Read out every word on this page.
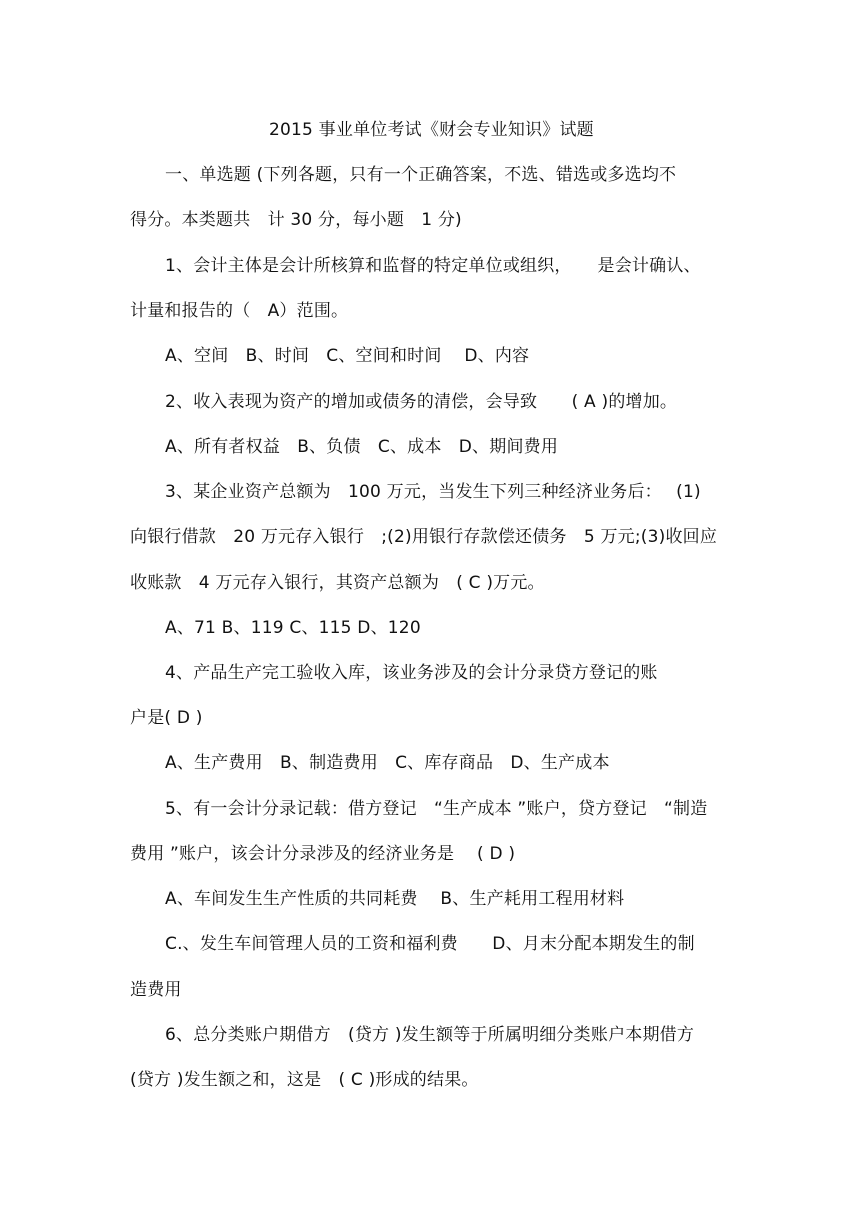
2015 事业单位考试《财会专业知识》试题
一、单选题 (下列各题，只有一个正确答案，不选、错选或多选均不
得分。本类题共　计 30 分，每小题　1 分)
1、会计主体是会计所核算和监督的特定单位或组织，　　是会计确认、
计量和报告的（　A）范围。
A、空间　B、时间　C、空间和时间　 D、内容
2、收入表现为资产的增加或债务的清偿，会导致　　( A )的增加。
A、所有者权益　B、负债　C、成本　D、期间费用
3、某企业资产总额为　100 万元，当发生下列三种经济业务后：　 (1)
向银行借款　20 万元存入银行　;(2)用银行存款偿还债务　5 万元;(3)收回应
收账款　4 万元存入银行，其资产总额为　( C )万元。
A、71 B、119 C、115 D、120
4、产品生产完工验收入库，该业务涉及的会计分录贷方登记的账
户是( D )
A、生产费用　B、制造费用　C、库存商品　D、生产成本
5、有一会计分录记载：借方登记　“生产成本 ”账户，贷方登记　“制造
费用 ”账户，该会计分录涉及的经济业务是　 ( D )
A、车间发生生产性质的共同耗费　 B、生产耗用工程用材料
C.、发生车间管理人员的工资和福利费　　D、月末分配本期发生的制
造费用
6、总分类账户期借方　(贷方 )发生额等于所属明细分类账户本期借方
(贷方 )发生额之和，这是　( C )形成的结果。
